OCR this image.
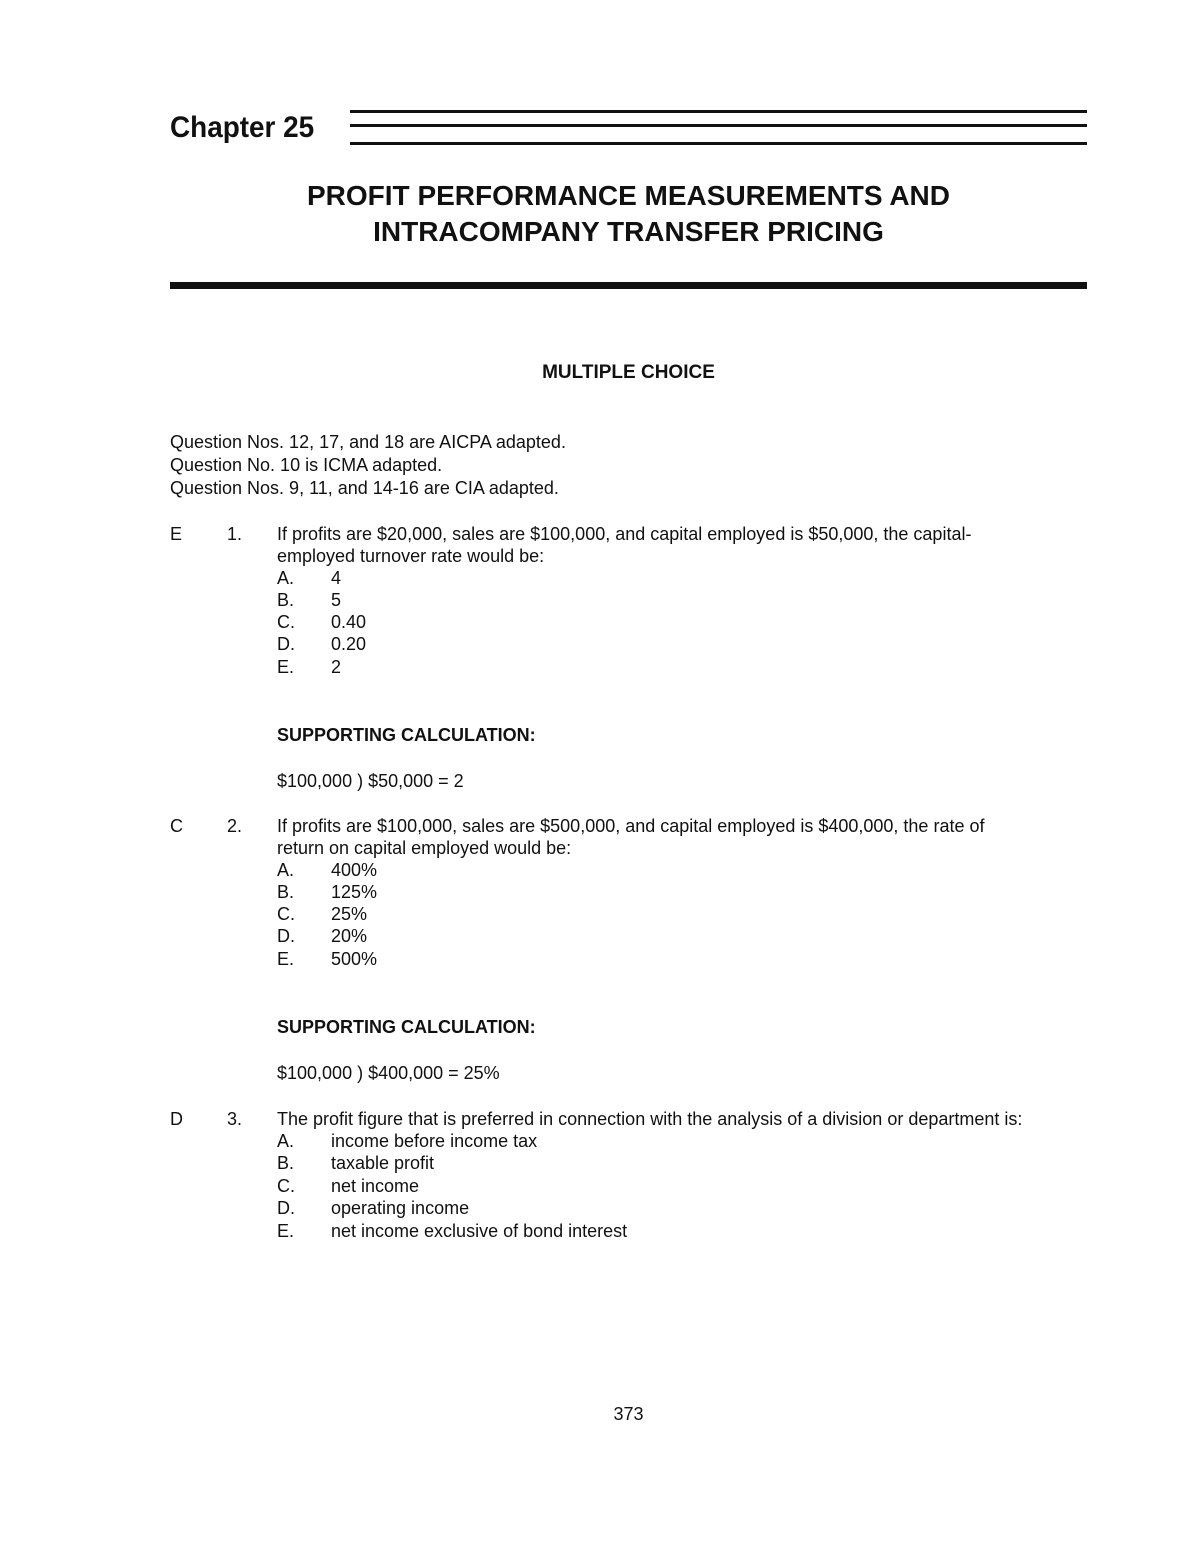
Chapter 25
PROFIT PERFORMANCE MEASUREMENTS AND
INTRACOMPANY TRANSFER PRICING
MULTIPLE CHOICE
Question Nos. 12, 17, and 18 are AICPA adapted.
Question No. 10 is ICMA adapted.
Question Nos. 9, 11, and 14-16 are CIA adapted.
E 1. If profits are $20,000, sales are $100,000, and capital employed is $50,000, the capital-
employed turnover rate would be:
A. 4
B. 5
C. 0.40
D. 0.20
E. 2
SUPPORTING CALCULATION:
$100,000 ) $50,000 = 2
C 2. If profits are $100,000, sales are $500,000, and capital employed is $400,000, the rate of
return on capital employed would be:
A. 400%
B. 125%
C. 25%
D. 20%
E. 500%
SUPPORTING CALCULATION:
$100,000 ) $400,000 = 25%
D 3. The profit figure that is preferred in connection with the analysis of a division or department is:
A. income before income tax
B. taxable profit
C. net income
D. operating income
E. net income exclusive of bond interest
373
